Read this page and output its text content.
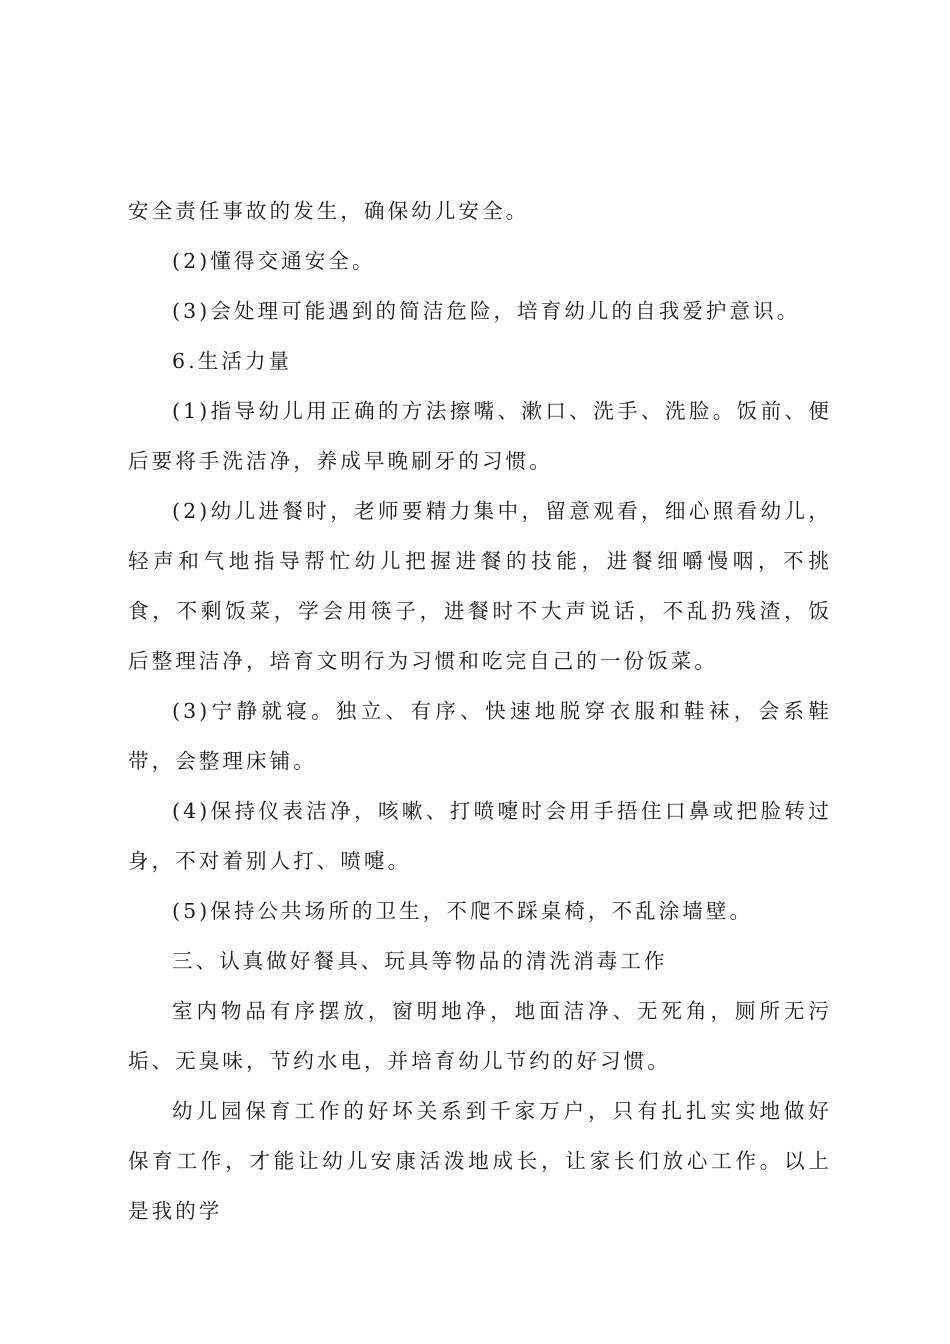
安全责任事故的发生，确保幼儿安全。

(2)懂得交通安全。

(3)会处理可能遇到的简洁危险，培育幼儿的自我爱护意识。

6.生活力量

(1)指导幼儿用正确的方法擦嘴、漱口、洗手、洗脸。饭前、便后要将手洗洁净，养成早晚刷牙的习惯。

(2)幼儿进餐时，老师要精力集中，留意观看，细心照看幼儿，轻声和气地指导帮忙幼儿把握进餐的技能，进餐细嚼慢咽，不挑食，不剩饭菜，学会用筷子，进餐时不大声说话，不乱扔残渣，饭后整理洁净，培育文明行为习惯和吃完自己的一份饭菜。

(3)宁静就寝。独立、有序、快速地脱穿衣服和鞋袜，会系鞋带，会整理床铺。

(4)保持仪表洁净，咳嗽、打喷嚏时会用手捂住口鼻或把脸转过身，不对着别人打、喷嚏。

(5)保持公共场所的卫生，不爬不踩桌椅，不乱涂墙壁。

三、认真做好餐具、玩具等物品的清洗消毒工作

室内物品有序摆放，窗明地净，地面洁净、无死角，厕所无污垢、无臭味，节约水电，并培育幼儿节约的好习惯。

幼儿园保育工作的好坏关系到千家万户，只有扎扎实实地做好保育工作，才能让幼儿安康活泼地成长，让家长们放心工作。以上是我的学
